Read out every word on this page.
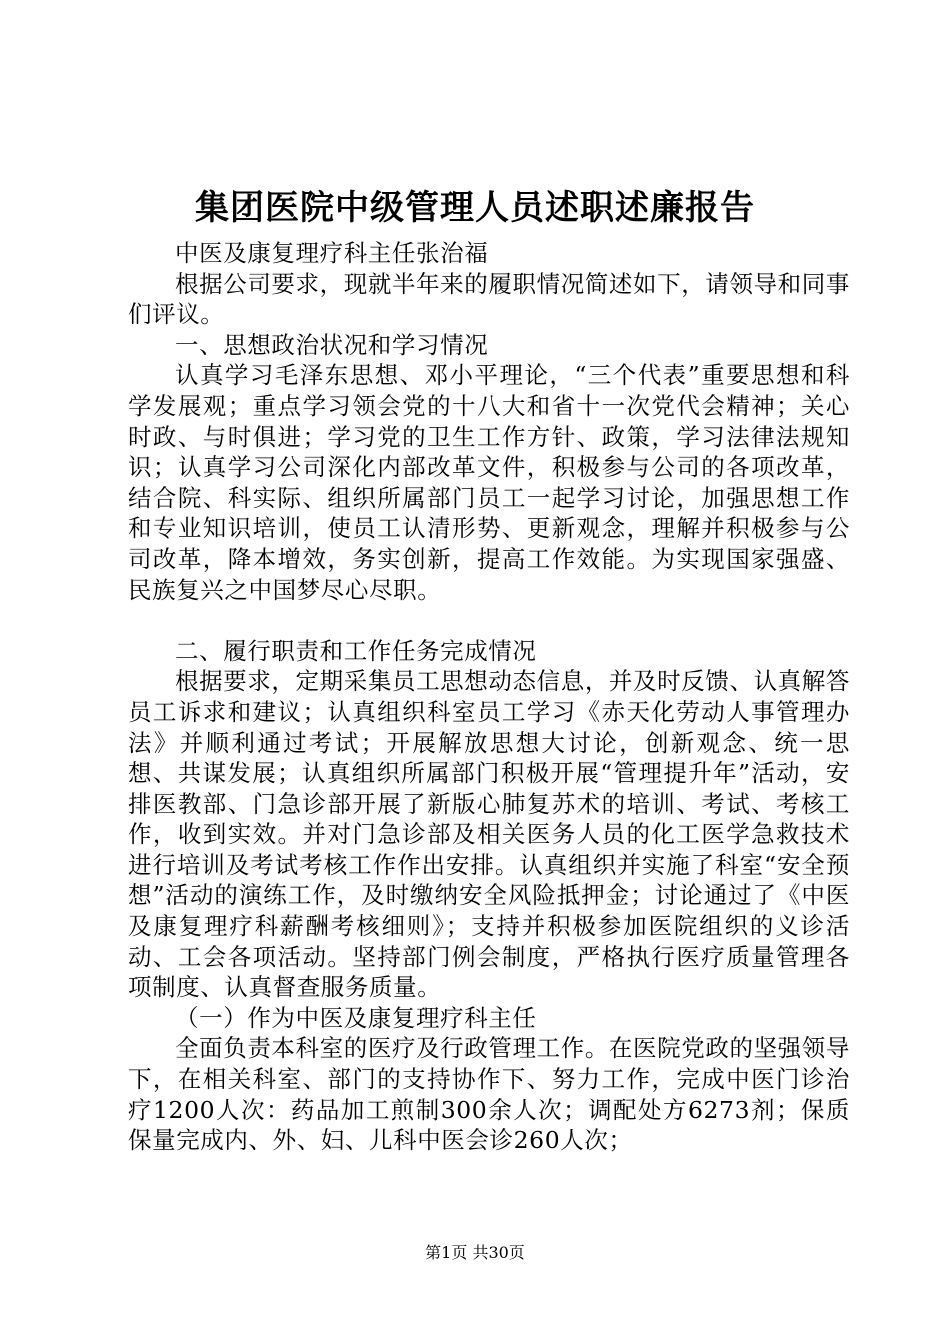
集团医院中级管理人员述职述廉报告

中医及康复理疗科主任张治福

根据公司要求，现就半年来的履职情况简述如下，请领导和同事们评议。

一、思想政治状况和学习情况

认真学习毛泽东思想、邓小平理论，“三个代表”重要思想和科学发展观；重点学习领会党的十八大和省十一次党代会精神；关心时政、与时俱进；学习党的卫生工作方针、政策，学习法律法规知识；认真学习公司深化内部改革文件，积极参与公司的各项改革，结合院、科实际、组织所属部门员工一起学习讨论，加强思想工作和专业知识培训，使员工认清形势、更新观念，理解并积极参与公司改革，降本增效，务实创新，提高工作效能。为实现国家强盛、民族复兴之中国梦尽心尽职。

二、履行职责和工作任务完成情况

根据要求，定期采集员工思想动态信息，并及时反馈、认真解答员工诉求和建议；认真组织科室员工学习《赤天化劳动人事管理办法》并顺利通过考试；开展解放思想大讨论，创新观念、统一思想、共谋发展；认真组织所属部门积极开展“管理提升年”活动，安排医教部、门急诊部开展了新版心肺复苏术的培训、考试、考核工作，收到实效。并对门急诊部及相关医务人员的化工医学急救技术进行培训及考试考核工作作出安排。认真组织并实施了科室“安全预想”活动的演练工作，及时缴纳安全风险抵押金；讨论通过了《中医及康复理疗科薪酬考核细则》；支持并积极参加医院组织的义诊活动、工会各项活动。坚持部门例会制度，严格执行医疗质量管理各项制度、认真督查服务质量。

（一）作为中医及康复理疗科主任

全面负责本科室的医疗及行政管理工作。在医院党政的坚强领导下，在相关科室、部门的支持协作下、努力工作，完成中医门诊治疗1200人次：药品加工煎制300余人次；调配处方6273剂；保质保量完成内、外、妇、儿科中医会诊260人次；

第1页 共30页
